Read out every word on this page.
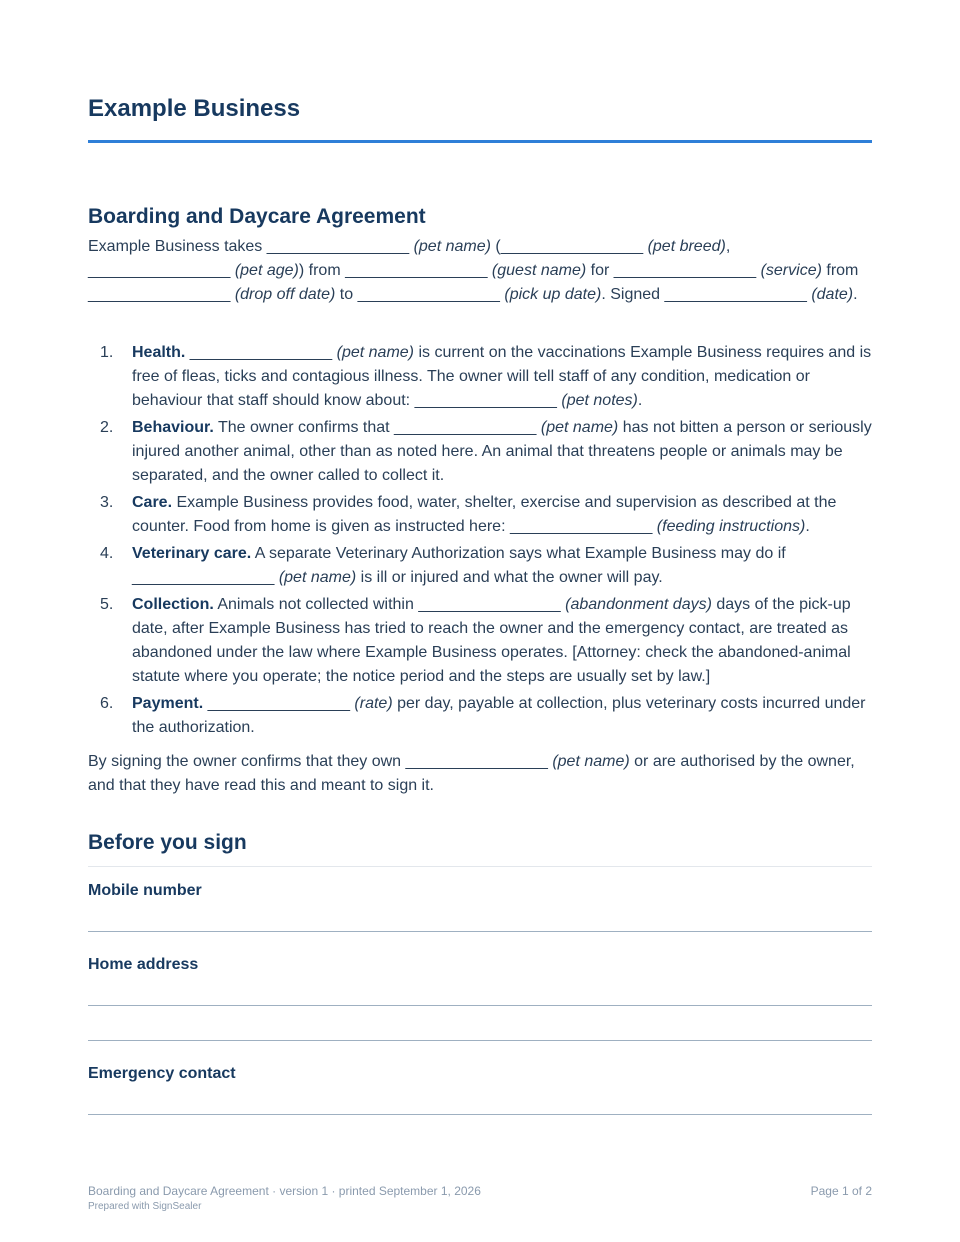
Example Business
Boarding and Daycare Agreement

Example Business takes ________________ (pet name) (________________ (pet breed), ________________ (pet age)) from ________________ (guest name) for ________________ (service) from ________________ (drop off date) to ________________ (pick up date). Signed ________________ (date).

1. Health. ________________ (pet name) is current on the vaccinations Example Business requires and is free of fleas, ticks and contagious illness. The owner will tell staff of any condition, medication or behaviour that staff should know about: ________________ (pet notes).
2. Behaviour. The owner confirms that ________________ (pet name) has not bitten a person or seriously injured another animal, other than as noted here. An animal that threatens people or animals may be separated, and the owner called to collect it.
3. Care. Example Business provides food, water, shelter, exercise and supervision as described at the counter. Food from home is given as instructed here: ________________ (feeding instructions).
4. Veterinary care. A separate Veterinary Authorization says what Example Business may do if ________________ (pet name) is ill or injured and what the owner will pay.
5. Collection. Animals not collected within ________________ (abandonment days) days of the pick-up date, after Example Business has tried to reach the owner and the emergency contact, are treated as abandoned under the law where Example Business operates. [Attorney: check the abandoned-animal statute where you operate; the notice period and the steps are usually set by law.]
6. Payment. ________________ (rate) per day, payable at collection, plus veterinary costs incurred under the authorization.

By signing the owner confirms that they own ________________ (pet name) or are authorised by the owner, and that they have read this and meant to sign it.

Before you sign

Mobile number

Home address

Emergency contact

Boarding and Daycare Agreement · version 1 · printed September 1, 2026
Prepared with SignSealer
Page 1 of 2
